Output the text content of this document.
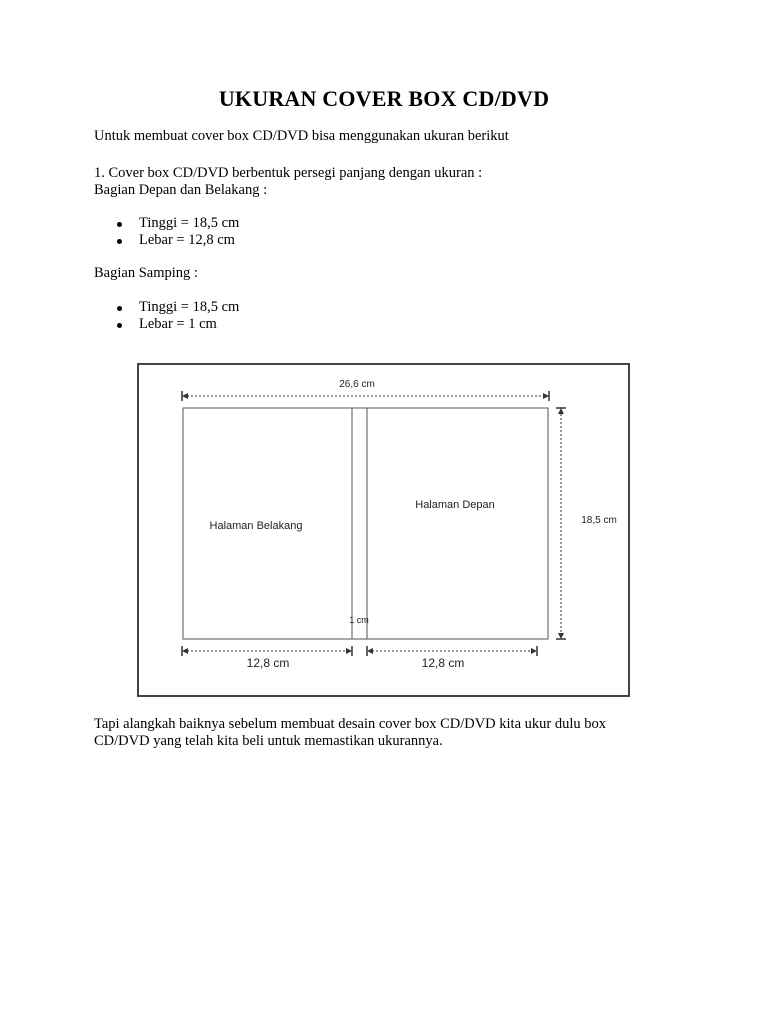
UKURAN COVER BOX CD/DVD
Untuk membuat cover box CD/DVD bisa menggunakan ukuran berikut
1. Cover box CD/DVD berbentuk persegi panjang dengan ukuran :
Bagian Depan dan Belakang :
Tinggi = 18,5 cm
Lebar = 12,8 cm
Bagian Samping :
Tinggi = 18,5 cm
Lebar = 1 cm
26,6 cm
Halaman Belakang
Halaman Depan
1 cm
18,5 cm
12,8 cm	12,8 cm
Tapi alangkah baiknya sebelum membuat desain cover box CD/DVD kita ukur dulu box
CD/DVD yang telah kita beli untuk memastikan ukurannya.
